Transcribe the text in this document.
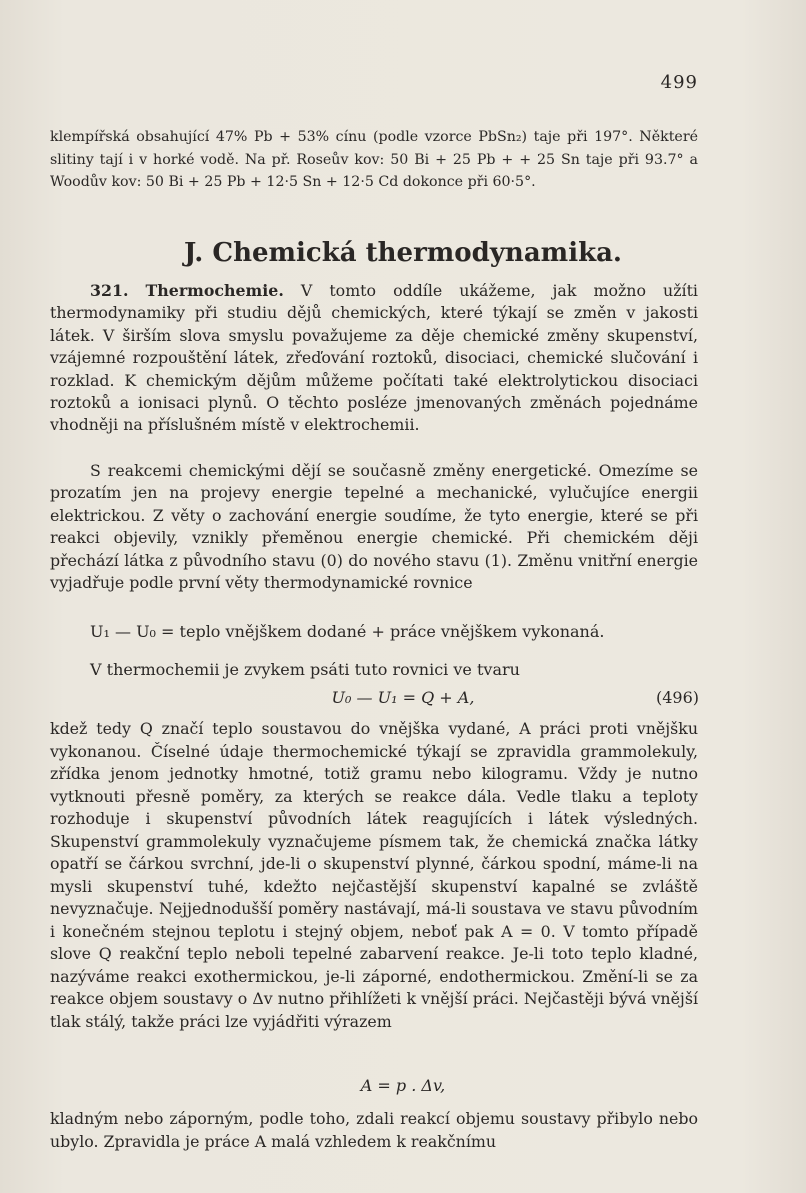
499
klempířská obsahující 47% Pb + 53% cínu (podle vzorce PbSn₂) taje při 197°. Některé slitiny tají i v horké vodě. Na př. Roseův kov: 50 Bi + 25 Pb + + 25 Sn taje při 93.7° a Woodův kov: 50 Bi + 25 Pb + 12·5 Sn + 12·5 Cd dokonce při 60·5°.
J. Chemická thermodynamika.
321. Thermochemie. V tomto oddíle ukážeme, jak možno užíti thermodynamiky při studiu dějů chemických, které týkají se změn v jakosti látek. V širším slova smyslu považujeme za děje chemické změny skupenství, vzájemné rozpouštění látek, zřeďování roztoků, disociaci, chemické slučování i rozklad. K chemickým dějům můžeme počítati také elektrolytickou disociaci roztoků a ionisaci plynů. O těchto posléze jmenovaných změnách pojednáme vhodněji na příslušném místě v elektrochemii.
S reakcemi chemickými dějí se současně změny energetické. Omezíme se prozatím jen na projevy energie tepelné a mechanické, vylučujíce energii elektrickou. Z věty o zachování energie soudíme, že tyto energie, které se při reakci objevily, vznikly přeměnou energie chemické. Při chemickém ději přechází látka z původního stavu (0) do nového stavu (1). Změnu vnitřní energie vyjadřuje podle první věty thermodynamické rovnice
U₁ — U₀ = teplo vnějškem dodané + práce vnějškem vykonaná.
V thermochemii je zvykem psáti tuto rovnici ve tvaru
U₀ — U₁ = Q + A,	(496)
kdež tedy Q značí teplo soustavou do vnějška vydané, A práci proti vnějšku vykonanou. Číselné údaje thermochemické týkají se zpravidla grammolekuly, zřídka jenom jednotky hmotné, totiž gramu nebo kilogramu. Vždy je nutno vytknouti přesně poměry, za kterých se reakce dála. Vedle tlaku a teploty rozhoduje i skupenství původních látek reagujících i látek výsledných. Skupenství grammolekuly vyznačujeme písmem tak, že chemická značka látky opatří se čárkou svrchní, jde-li o skupenství plynné, čárkou spodní, máme-li na mysli skupenství tuhé, kdežto nejčastější skupenství kapalné se zvláště nevyznačuje. Nejjednodušší poměry nastávají, má-li soustava ve stavu původním i konečném stejnou teplotu i stejný objem, neboť pak A = 0. V tomto případě slove Q reakční teplo neboli tepelné zabarvení reakce. Je-li toto teplo kladné, nazýváme reakci exothermickou, je-li záporné, endothermickou. Změní-li se za reakce objem soustavy o Δv nutno přihlížeti k vnější práci. Nejčastěji bývá vnější tlak stálý, takže práci lze vyjádřiti výrazem
A = p . Δv,
kladným nebo záporným, podle toho, zdali reakcí objemu soustavy přibylo nebo ubylo. Zpravidla je práce A malá vzhledem k reakčnímu
